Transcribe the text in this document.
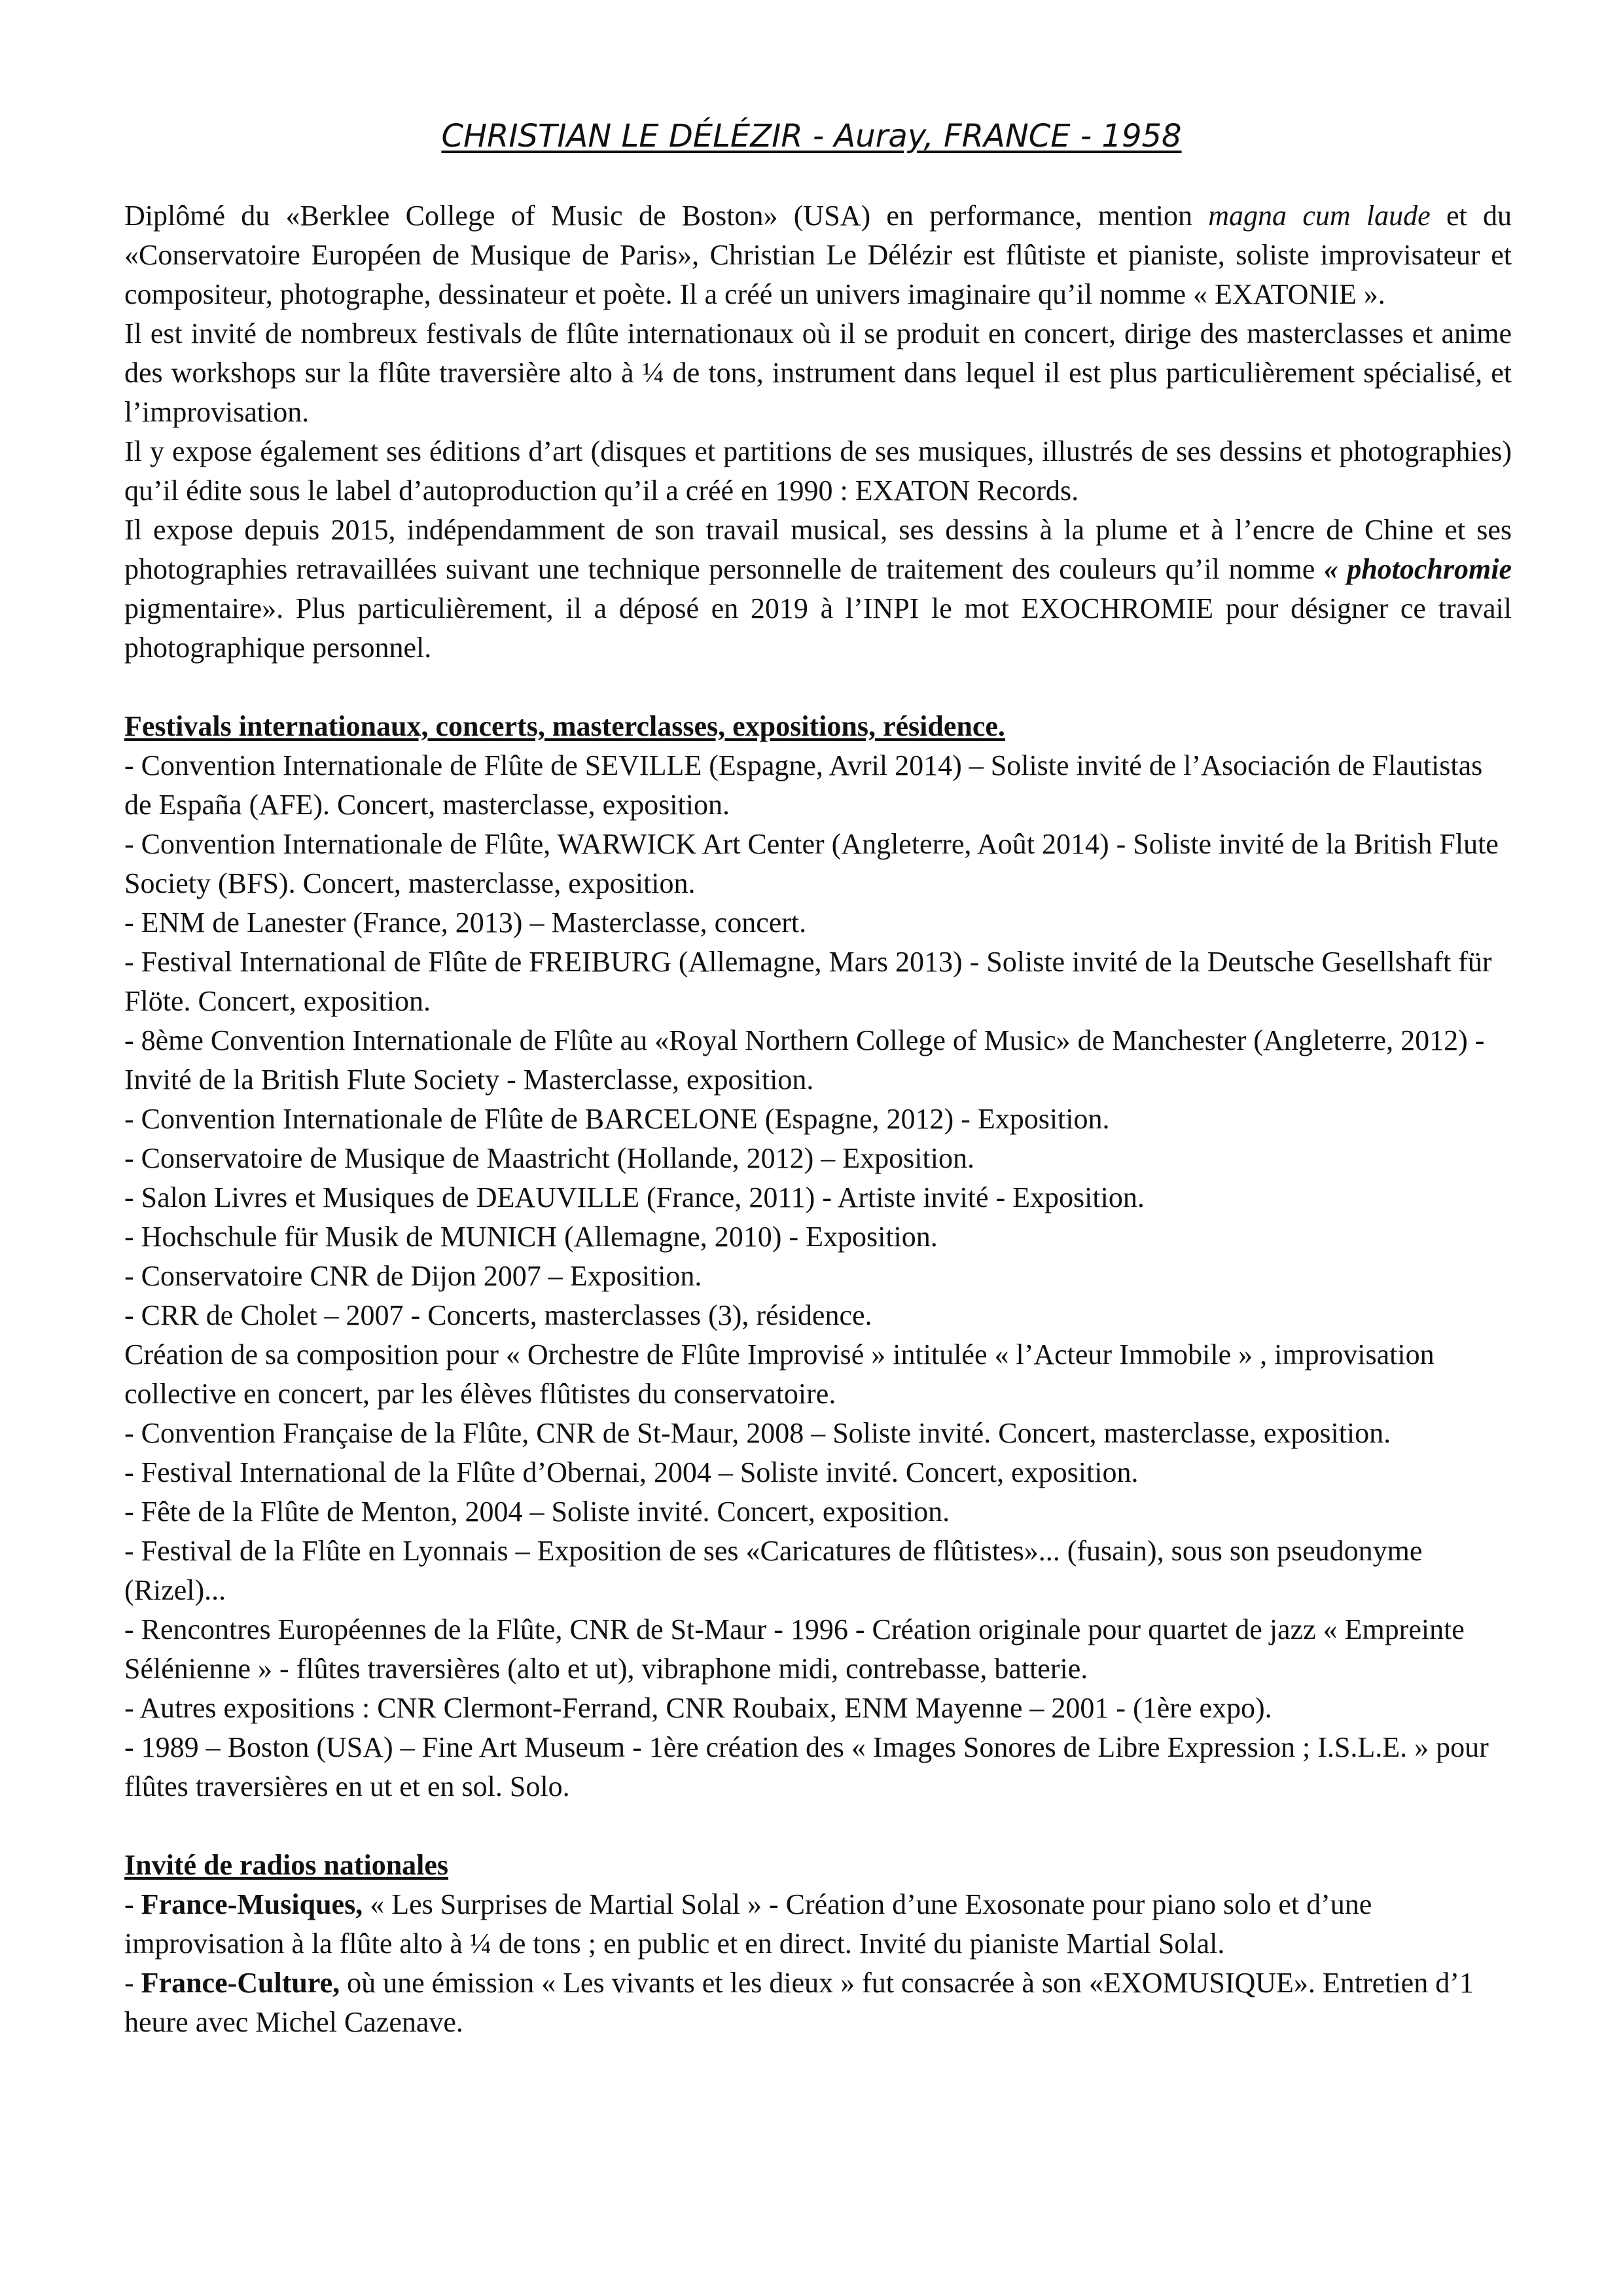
CHRISTIAN LE DÉLÉZIR - Auray, FRANCE - 1958

Diplômé du «Berklee College of Music de Boston» (USA) en performance, mention magna cum laude et du «Conservatoire Européen de Musique de Paris», Christian Le Délézir est flûtiste et pianiste, soliste improvisateur et compositeur, photographe, dessinateur et poète. Il a créé un univers imaginaire qu’il nomme « EXATONIE ».

Il est invité de nombreux festivals de flûte internationaux où il se produit en concert, dirige des masterclasses et anime des workshops sur la flûte traversière alto à ¼ de tons, instrument dans lequel il est plus particulièrement spécialisé, et l’improvisation.

Il y expose également ses éditions d’art (disques et partitions de ses musiques, illustrés de ses dessins et photographies) qu’il édite sous le label d’autoproduction qu’il a créé en 1990 : EXATON Records.

Il expose depuis 2015, indépendamment de son travail musical, ses dessins à la plume et à l’encre de Chine et ses photographies retravaillées suivant une technique personnelle de traitement des couleurs qu’il nomme « photochromie pigmentaire». Plus particulièrement, il a déposé en 2019 à l’INPI le mot EXOCHROMIE pour désigner ce travail photographique personnel.

Festivals internationaux, concerts, masterclasses, expositions, résidence.

- Convention Internationale de Flûte de SEVILLE (Espagne, Avril 2014) – Soliste invité de l’Asociación de Flautistas de España (AFE). Concert, masterclasse, exposition.

- Convention Internationale de Flûte, WARWICK Art Center (Angleterre, Août 2014) - Soliste invité de la British Flute Society (BFS). Concert, masterclasse, exposition.

- ENM de Lanester (France, 2013) – Masterclasse, concert.

- Festival International de Flûte de FREIBURG (Allemagne, Mars 2013) - Soliste invité de la Deutsche Gesellshaft für Flöte. Concert, exposition.

- 8ème Convention Internationale de Flûte au «Royal Northern College of Music» de Manchester (Angleterre, 2012) - Invité de la British Flute Society - Masterclasse, exposition.

- Convention Internationale de Flûte de BARCELONE (Espagne, 2012) - Exposition.

- Conservatoire de Musique de Maastricht (Hollande, 2012) – Exposition.

- Salon Livres et Musiques de DEAUVILLE (France, 2011) - Artiste invité - Exposition.

- Hochschule für Musik de MUNICH (Allemagne, 2010) - Exposition.

- Conservatoire CNR de Dijon 2007 – Exposition.

- CRR de Cholet – 2007 - Concerts, masterclasses (3), résidence.

Création de sa composition pour « Orchestre de Flûte Improvisé » intitulée « l’Acteur Immobile » , improvisation collective en concert, par les élèves flûtistes du conservatoire.

- Convention Française de la Flûte, CNR de St-Maur, 2008 – Soliste invité. Concert, masterclasse, exposition.

- Festival International de la Flûte d’Obernai, 2004 – Soliste invité. Concert, exposition.

- Fête de la Flûte de Menton, 2004 – Soliste invité. Concert, exposition.

- Festival de la Flûte en Lyonnais – Exposition de ses «Caricatures de flûtistes»... (fusain), sous son pseudonyme (Rizel)...

- Rencontres Européennes de la Flûte, CNR de St-Maur - 1996 - Création originale pour quartet de jazz « Empreinte Sélénienne » - flûtes traversières (alto et ut), vibraphone midi, contrebasse, batterie.

- Autres expositions : CNR Clermont-Ferrand, CNR Roubaix, ENM Mayenne – 2001 - (1ère expo).

- 1989 – Boston (USA) – Fine Art Museum - 1ère création des « Images Sonores de Libre Expression ; I.S.L.E. » pour flûtes traversières en ut et en sol. Solo.

Invité de radios nationales

- France-Musiques, « Les Surprises de Martial Solal » - Création d’une Exosonate pour piano solo et d’une improvisation à la flûte alto à ¼ de tons ; en public et en direct. Invité du pianiste Martial Solal.

- France-Culture, où une émission « Les vivants et les dieux » fut consacrée à son «EXOMUSIQUE». Entretien d’1 heure avec Michel Cazenave.
